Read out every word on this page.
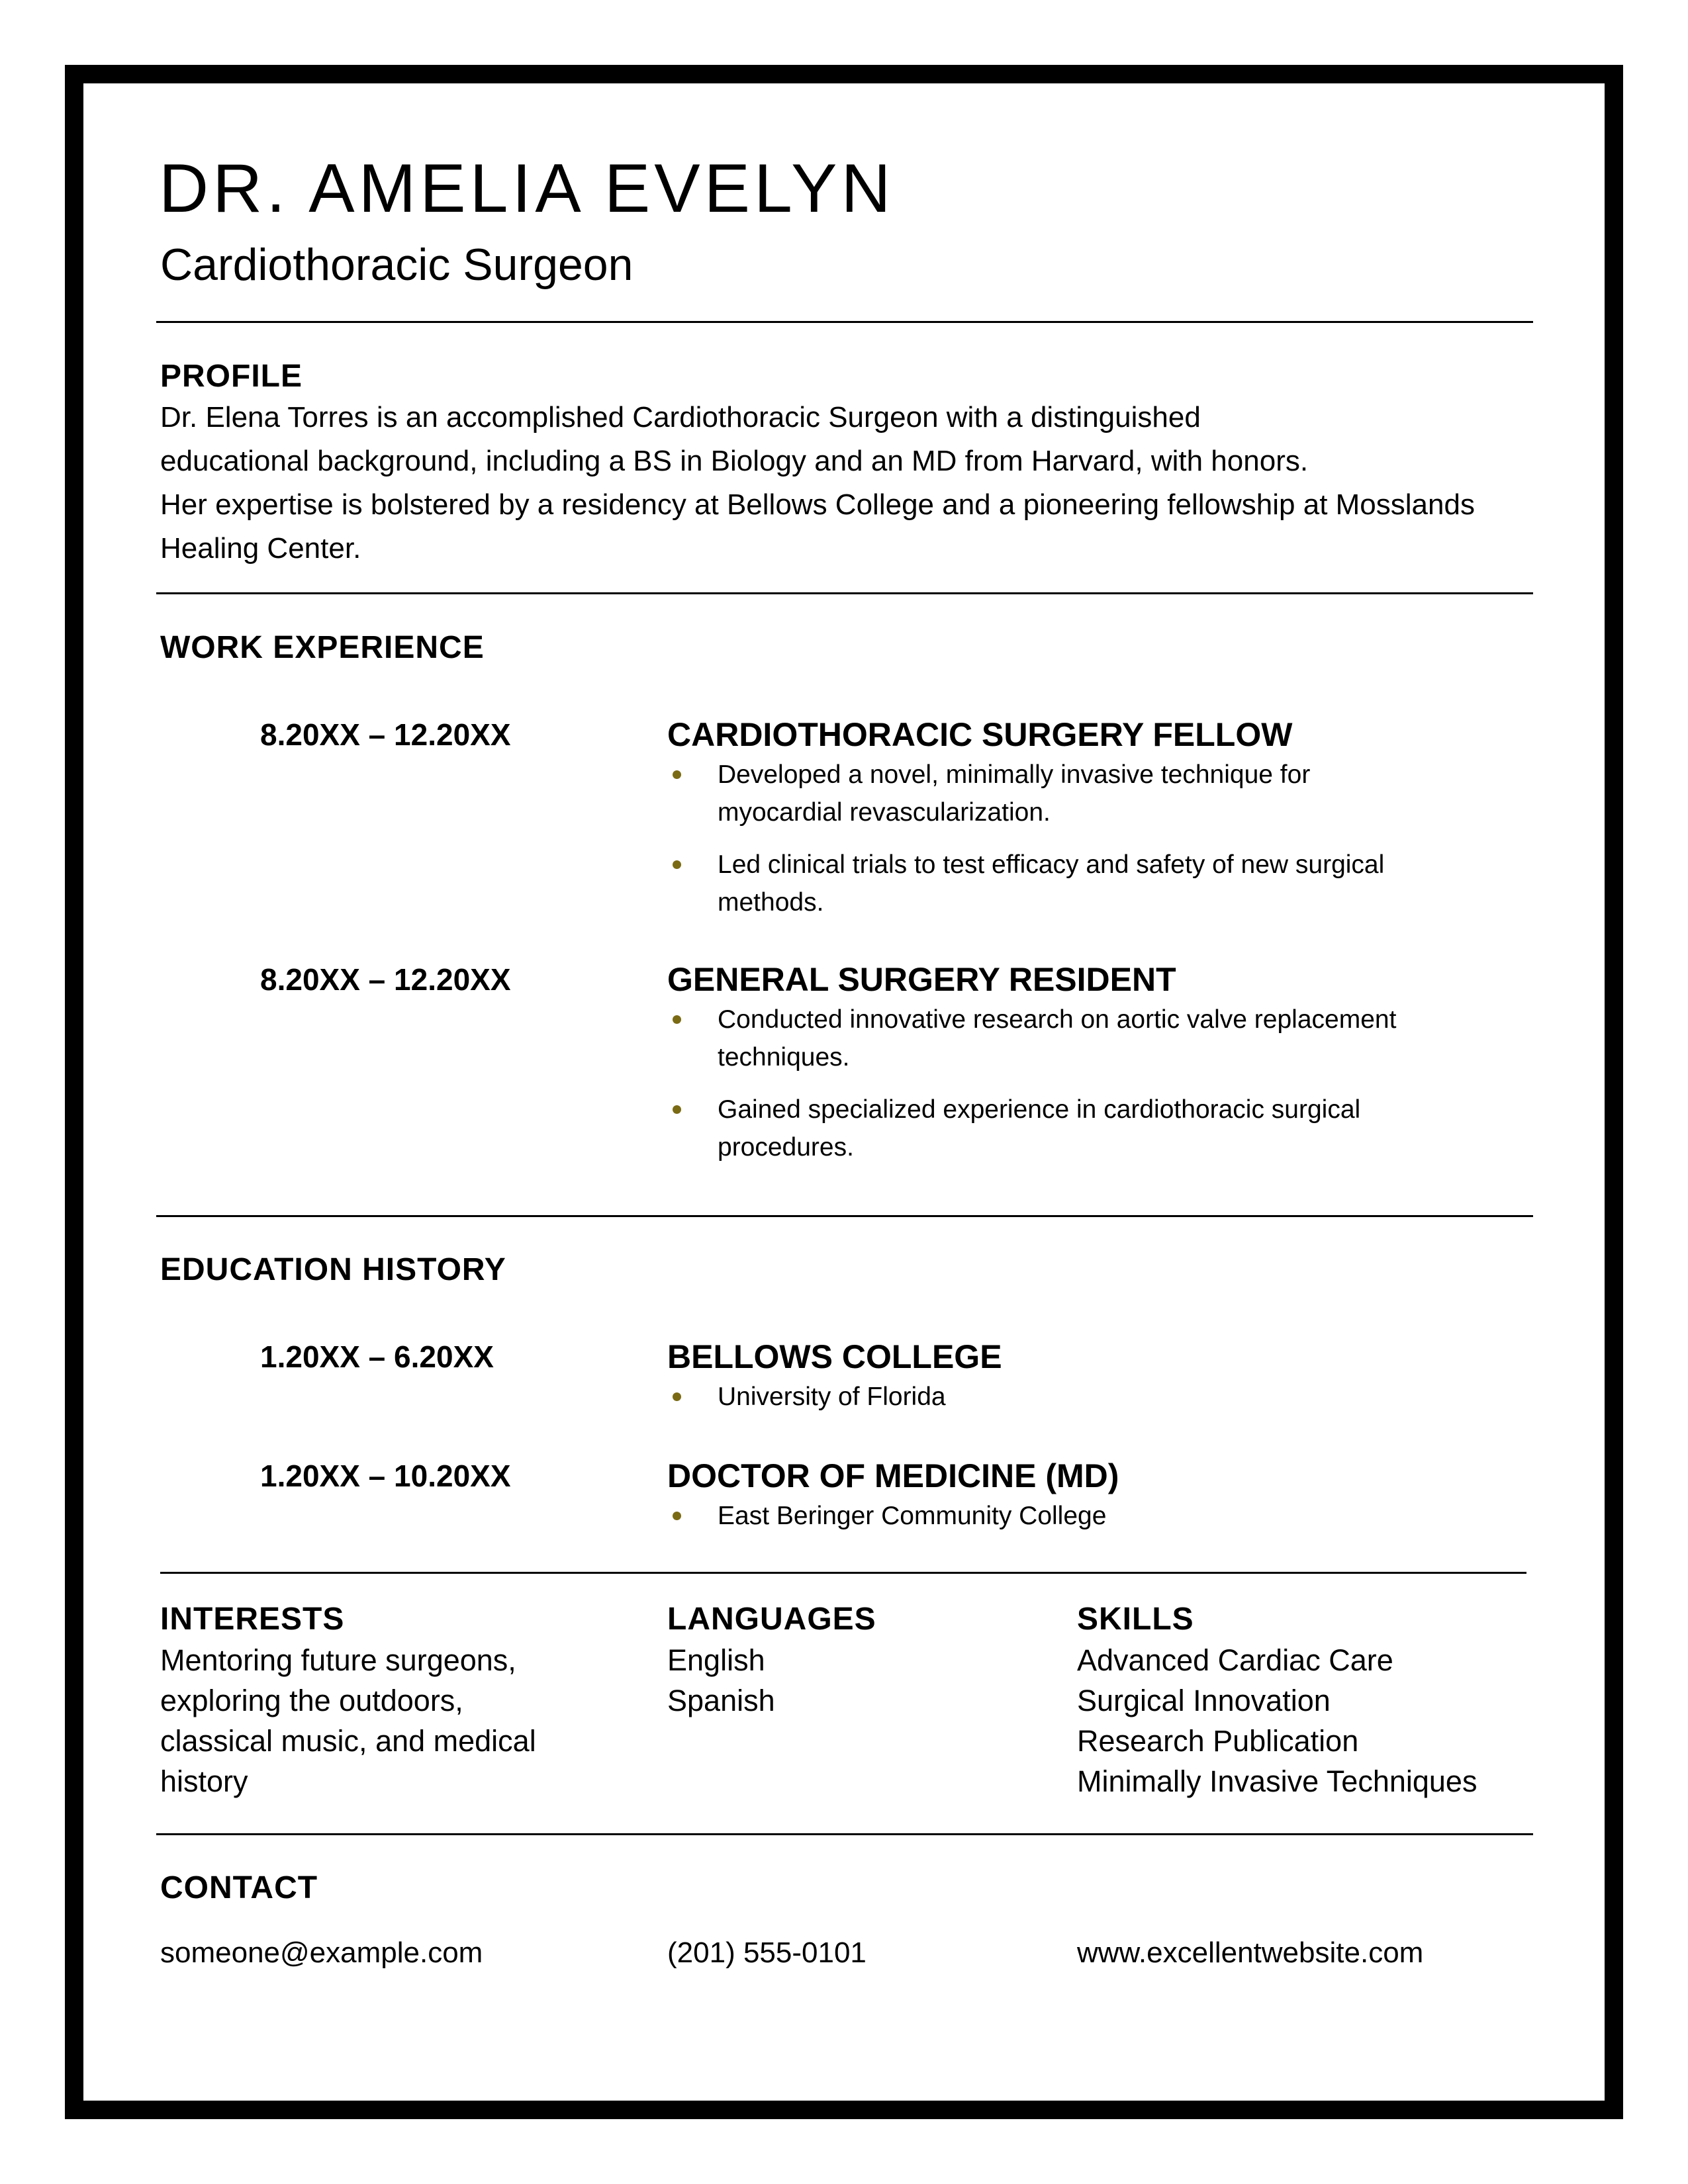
DR. AMELIA EVELYN
Cardiothoracic Surgeon
PROFILE
Dr. Elena Torres is an accomplished Cardiothoracic Surgeon with a distinguished
educational background, including a BS in Biology and an MD from Harvard, with honors.
Her expertise is bolstered by a residency at Bellows College and a pioneering fellowship at Mosslands
Healing Center.
WORK EXPERIENCE
8.20XX – 12.20XX	CARDIOTHORACIC SURGERY FELLOW
Developed a novel, minimally invasive technique for myocardial revascularization.
Led clinical trials to test efficacy and safety of new surgical methods.
8.20XX – 12.20XX	GENERAL SURGERY RESIDENT
Conducted innovative research on aortic valve replacement techniques.
Gained specialized experience in cardiothoracic surgical procedures.
EDUCATION HISTORY
1.20XX – 6.20XX	BELLOWS COLLEGE
University of Florida
1.20XX – 10.20XX	DOCTOR OF MEDICINE (MD)
East Beringer Community College
INTERESTS
Mentoring future surgeons, exploring the outdoors, classical music, and medical history
LANGUAGES
English
Spanish
SKILLS
Advanced Cardiac Care
Surgical Innovation
Research Publication
Minimally Invasive Techniques
CONTACT
someone@example.com	(201) 555-0101	www.excellentwebsite.com
